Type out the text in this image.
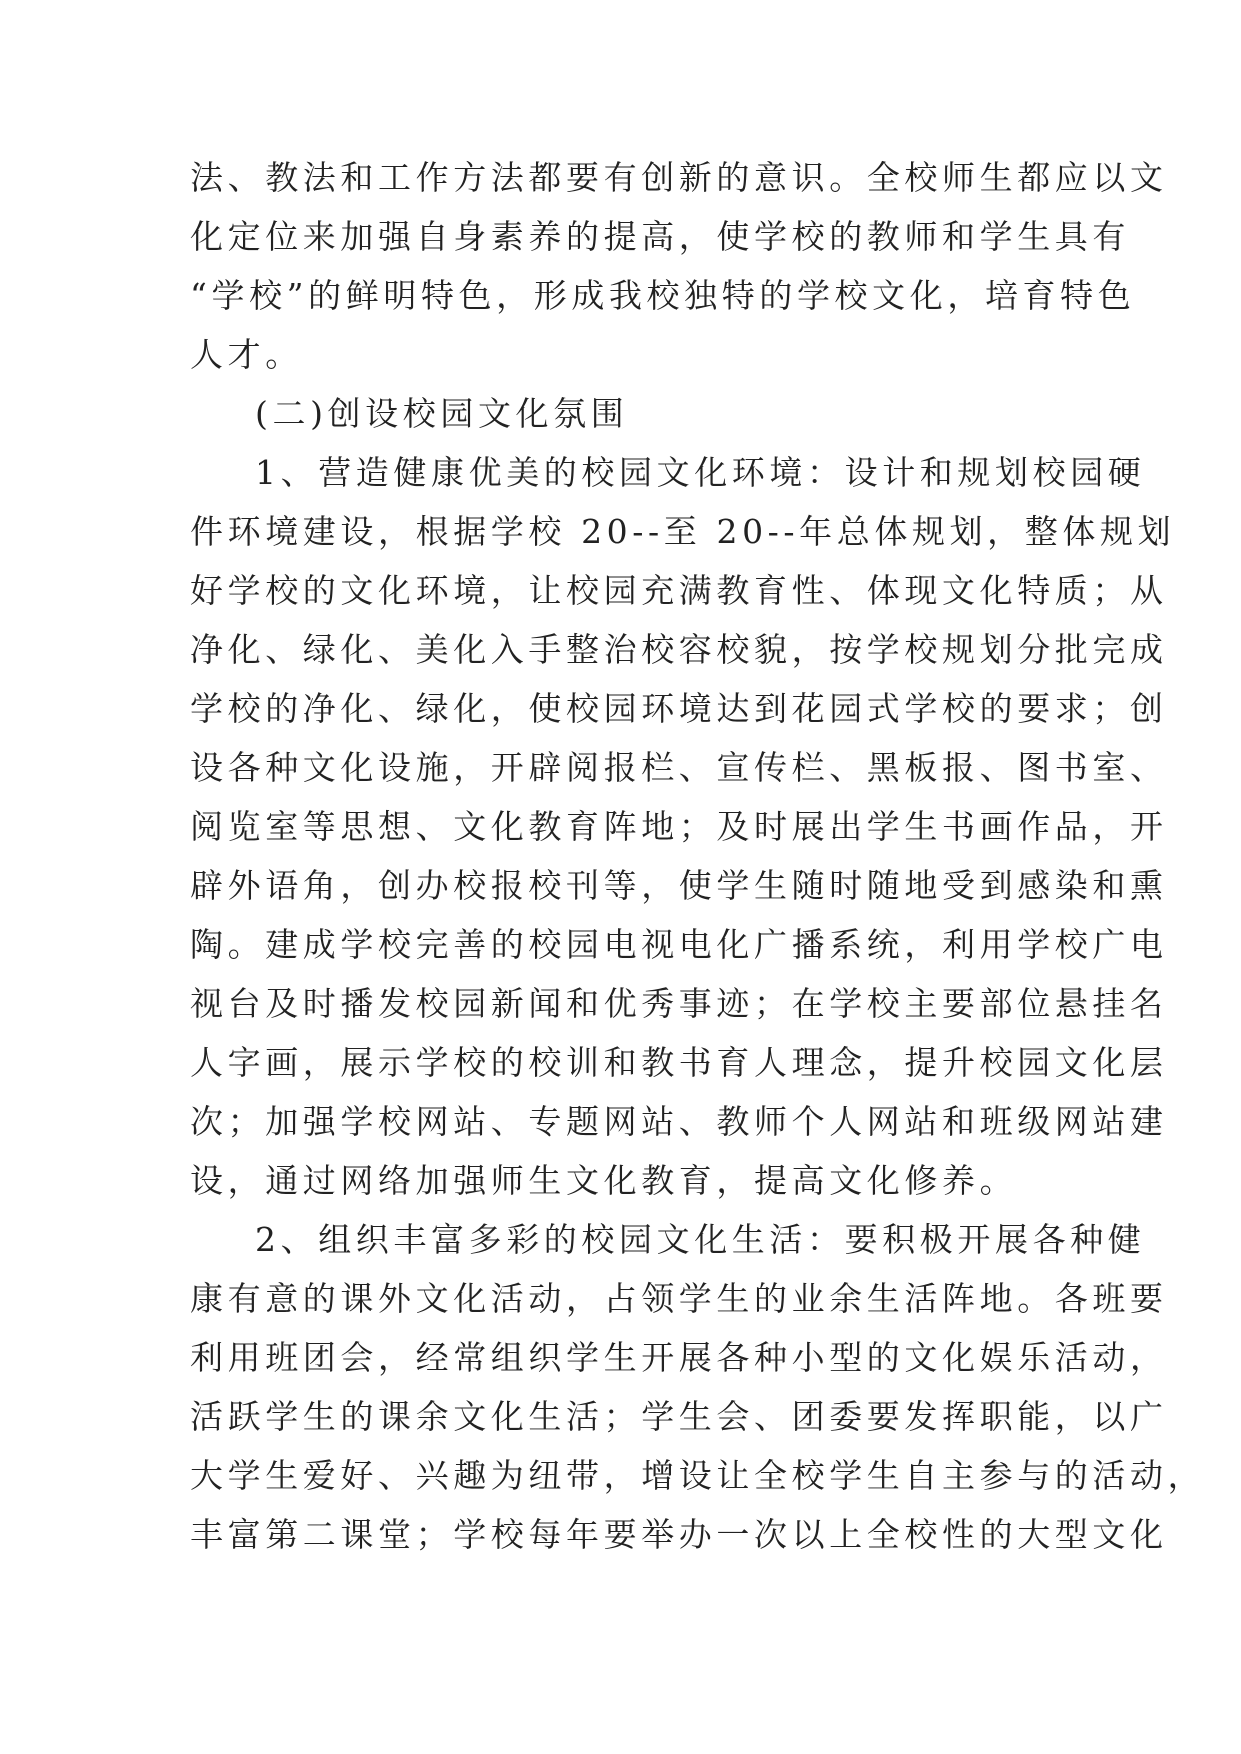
法、教法和工作方法都要有创新的意识。全校师生都应以文
化定位来加强自身素养的提高，使学校的教师和学生具有
“学校”的鲜明特色，形成我校独特的学校文化，培育特色
人才。
(二)创设校园文化氛围
1、营造健康优美的校园文化环境：设计和规划校园硬
件环境建设，根据学校 20--至 20--年总体规划，整体规划
好学校的文化环境，让校园充满教育性、体现文化特质；从
净化、绿化、美化入手整治校容校貌，按学校规划分批完成
学校的净化、绿化，使校园环境达到花园式学校的要求；创
设各种文化设施，开辟阅报栏、宣传栏、黑板报、图书室、
阅览室等思想、文化教育阵地；及时展出学生书画作品，开
辟外语角，创办校报校刊等，使学生随时随地受到感染和熏
陶。建成学校完善的校园电视电化广播系统，利用学校广电
视台及时播发校园新闻和优秀事迹；在学校主要部位悬挂名
人字画，展示学校的校训和教书育人理念，提升校园文化层
次；加强学校网站、专题网站、教师个人网站和班级网站建
设，通过网络加强师生文化教育，提高文化修养。
2、组织丰富多彩的校园文化生活：要积极开展各种健
康有意的课外文化活动，占领学生的业余生活阵地。各班要
利用班团会，经常组织学生开展各种小型的文化娱乐活动，
活跃学生的课余文化生活；学生会、团委要发挥职能，以广
大学生爱好、兴趣为纽带，增设让全校学生自主参与的活动，
丰富第二课堂；学校每年要举办一次以上全校性的大型文化
